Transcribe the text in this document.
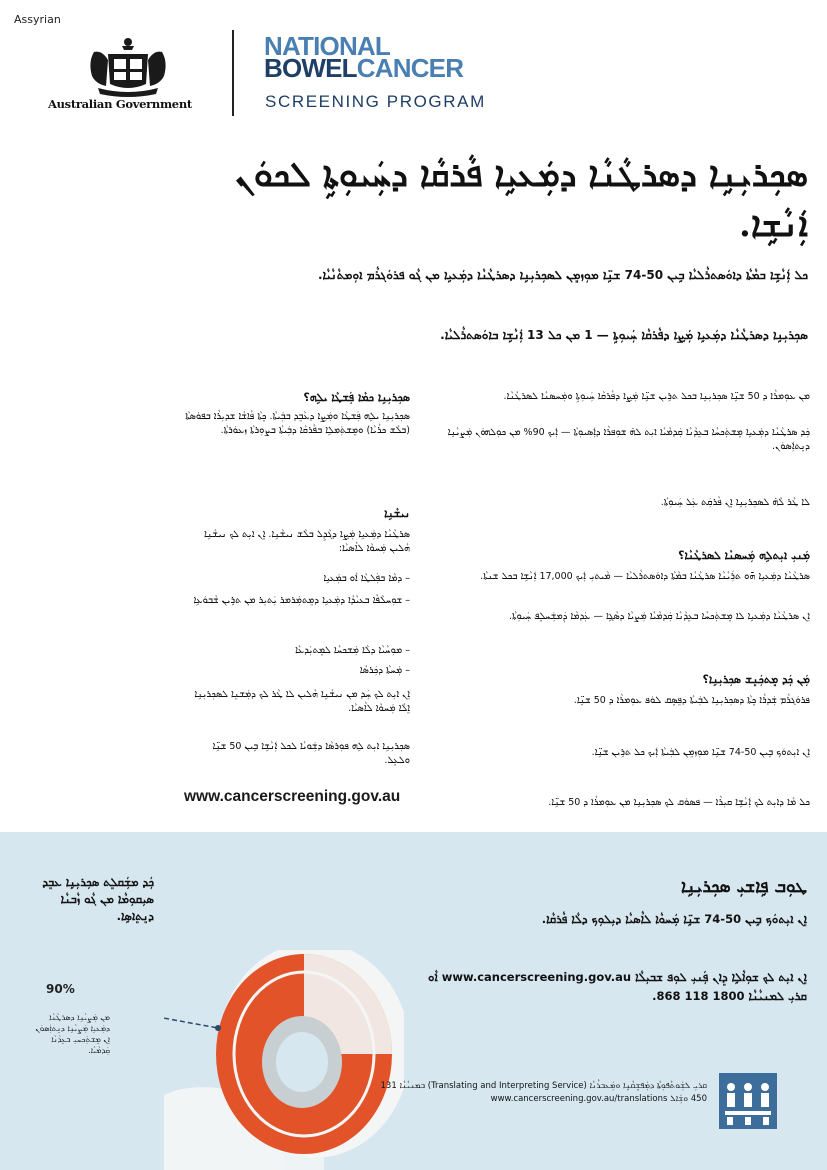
Assyrian
Australian Government
NATIONAL
BOWELCANCER
SCREENING PROGRAM
ܣܟܼܪܝܼܢܹܐ ܕܣܪܛܵܢܵܐ ܕܡܲܥܝܹܐ ܦܵܪܩܵܐ ܕܚܲܝܘܼܬܹܐ ܠܟܘܿܢ ܐܲܢܵܫܹܐ.
ܟܠ ܐܲܢܵܫܹܐ ܒܡܵܬܵܐ ܕܐܘܿܣܬܪܵܠܝܵܐ ܒܹܝܢ 50-74 ܫܢܹ̈ܐ ܡܘܼܙܡܸܢ ܠܣܟܼܪܝܼܢܹܐ ܕܣܪܛܵܢܵܐ ܕܡܲܥܝܹܐ ܡܢ ܓܵܘ ܦܪܘܿܓܪܵܡ ܐܘܼܡܬܵܢܵܝܵܐ.
ܣܟܼܪܝܼܢܹܐ ܕܣܪܛܵܢܵܐ ܕܡܲܥܝܹܐ ܡܲܨܹܐ ܕܦܵܪܩܵܐ ܚܲܝܘܼܬܹܐ — 1 ܡܢ ܟܠ 13 ܐܲܢܵܫܹܐ ܒܐܘܿܣܬܪܵܠܝܵܐ.
ܡܢ ܥܘܼܡܪܵܐ ܕ 50 ܫܢܹ̈ܐ ܣܟܼܪܝܼܢܹܐ ܒܟܠ ܬܪܹܝܢ ܫܢܹ̈ܐ ܡܲܨܹܐ ܕܦܵܪܩܵܐ ܚܲܝܘܼܬܹܐ ܘܡܲܚܣܢܵܐ ܠܣܪܛܵܢܵܐ.
ܟܲܕ ܣܪܛܵܢܵܐ ܕܡܲܥܝܹܐ ܡܸܫܬܲܟܚܵܐ ܒܥܸܕܵܢܵܐ ܩܲܕܡܵܝܵܐ ܐܝܼܬ ܠܗ̇ ܫܘܼܦܪܵܐ ܕܐܲܣܝܘܼܬܵܐ — ܐܲܝܟ 90% ܡܢ ܟܘܼܠܗܘܿܢ ܡܲܨܝܵܢܹܐ ܕܢܸܬܐܲܣܘܿܢ.
ܠܐ ܛܵܪ ܠܵܗ̇ ܠܣܟܼܪܝܼܢܹܐ ܐܸܢ ܦܵܪܩܲܬ ܥܲܠ ܚܲܝܘܼܬܵܐ.
ܡܲܢܝܼ ܐܝܼܬܠܹܗ ܡܲܚܣܢܵܐ ܠܣܪܛܵܢܵܐ؟
ܣܪܛܵܢܵܐ ܕܡܲܥܝܹܐ ܗ̄ܘ ܬܪܲܝܵܢܵܐ ܣܪܛܵܢܵܐ ܒܡܵܬܵܐ ܕܐܘܿܣܬܪܵܠܝܵܐ — ܡܵܝܬܝܼ ܐܲܝܟ 17,000 ܐܲܢܵܫܹܐ ܒܟܠ ܫܢܬܵܐ.
ܐܸܢ ܣܪܛܵܢܵܐ ܕܡܲܥܝܹܐ ܠܐ ܡܸܫܬܲܟܚܵܐ ܒܥܸܕܵܢܵܐ ܩܲܕܡܵܝܵܐ ܡܲܨܝܵܐ ܕܣܵܓܹܐ — ܥܲܕܡܵܐ ܕܲܡܫܲܚܠܸܦ ܚܲܝܘܼܬܵܐ.
ܡܲܢ ܟܲܕ ܡܸܬܟܲܢܸܫ ܣܟܼܪܝܼܢܹܐ؟
ܦܪܘܿܓܪܵܡ ܫܲܕܪܵܐ ܟܸܬܵܐ ܕܣܟܼܪܝܼܢܹܐ ܠܒܲܝܬܵܐ ܕܦܸܣܸܩ ܠܘܿܦ ܥܘܼܡܪܵܐ ܕ 50 ܫܢܹ̈ܐ.
ܐܸܢ ܐܝܼܬܘܿܟ ܒܹܝܢ 50-74 ܫܢܹ̈ܐ ܡܘܼܙܡܸܢ ܠܒܲܝܬܵܐ ܐܲܝܟ ܟܠ ܬܪܹܝܢ ܫܢܹ̈ܐ.
ܟܠ ܡܵܐ ܕܐܝܼܬ ܠܟ ܐܲܢܵܫܹܐ ܩܝܼܪܵܐ — ܦܣܘܿܩ ܠܟ ܣܟܼܪܝܼܢܹܐ ܡܢ ܥܘܼܡܪܵܐ ܕ 50 ܫܢܹ̈ܐ.
ܣܟܼܪܝܼܢܹܐ ܟܡܵܐ ܦܲܫܛܵܐ ܝܠܹܗ؟
ܣܟܼܪܝܼܢܹܐ ܝܠܹܗ ܦܲܫܛܵܐ ܘܡܲܨܹܐ ܕܥܵܒܸܕ ܒܒܲܝܬܵܐ. ܟܸܬܵܐ ܦܵܐܫܵܐ ܫܕܝܼܪܵܐ ܒܦܘܿܣܬܵܐ (ܒܠܵܫ ܟܪܵܝܵܐ) ܘܡܸܫܬܲܡܠܹܐ ܒܦܵܪܩܵܐ ܕܒܲܝܬܵܐ ܒܨܘܼܪܬܵܐ ܙܥܘܿܪܬܵܐ.
ܢܝܫܵܢܹܐ
ܣܪܛܵܢܵܐ ܕܡܲܥܝܹܐ ܡܲܨܹܐ ܕܓܵܕܹܠ ܒܠܵܫ ܢܝܫܵܢܹܐ. ܐܸܢ ܐܝܼܬ ܠܟ ܢܝܫܵܢܹܐ ܗܵܠܝܢ ܡܲܚܘܵܐ ܠܐܵܣܝܵܐ:
– ܕܡܵܐ ܒܦܲܠܛܵܐ ܐܵܘ ܒܡܲܥܝܹܐ
– ܫܘܼܚܠܵܦܵܐ ܒܥܝܵܕܵܐ ܕܡܲܥܝܹܐ ܕܡܸܬܡܲܪܡܪ ܝܲܬܝܼܪ ܡܢ ܬܪܹܝܢ ܫܵܒܘܿܥܹܐ
– ܡܘܼܚܵܝܵܐ ܕܠܵܐ ܡܲܫܟܚܵܐ ܠܡܸܬܝܲܕܥܵܐ
– ܡܲܚܬܵܐ ܕܟܲܪܣܵܐ
ܐܸܢ ܐܝܼܬ ܠܟ ܚܲܕ ܡܢ ܢܝܫܵܢܹܐ ܗܵܠܝܢ ܠܐ ܛܵܪ ܠܟ ܕܡܲܫܢܸܐ ܠܣܟܼܪܝܼܢܹܐ ܐܸܠܵܐ ܡܲܚܘܵܐ ܠܐܵܣܝܵܐ.
ܣܟܼܪܝܼܢܹܐ ܐܝܼܬ ܠܹܗ ܦܘܼܪܣܵܐ ܕܫܲܘܝܵܐ ܠܟܠ ܐܲܢܵܫܹܐ ܒܹܝܢ 50 ܫܢܹ̈ܐ ܘܠܥܸܠ.
www.cancerscreening.gov.au
ܟܲܕ ܡܫܲܩܠܸܬ ܣܟܼܪܝܼܢܹܐ ܥܒܸܕ ܣܝܼܩܘܼܡܵܐ ܡܢ ܓܵܘ ܙܵܒܢܵܐ ܕܢܸܬܸܐܣܹܐ.
90%
ܡܢ ܡܲܨܝܵܢܹܐ ܕܣܪܛܵܢܵܐ ܕܡܲܥܝܹܐ ܡܲܨܝܵܢܹܐ ܕܢܸܬܐܲܣܘܿܢ ܐܸܢ ܡܸܫܬܲܟܚܝܼ ܒܥܸܕܵܢܵܐ ܩܲܕܡܵܝܵܐ.
ܛܘܼܒ ܦܹܐܫܝܼ ܣܟܼܪܝܼܢܹܐ
ܐܸܢ ܐܝܼܬܘܿܟ ܒܹܝܢ 50-74 ܫܢܹ̈ܐ ܡܲܚܘܵܐ ܠܐܵܣܝܵܐ ܕܝܼܠܘܼܟ ܕܠܵܐ ܦܵܪܩܵܐ.
ܐܸܢ ܐܝܼܬ ܠܟ ܫܘܼܐܵܠܹܐ ܕܸܐܢ ܦܲܢܝܼ ܠܘܼܦ ܫܒܝܼܠܵܐ www.cancerscreening.gov.au ܐܵܘ ܩܪܝܼ ܠܡܢܝܵܢܵܐ 1800 118 868.
ܩܪܝܼ ܠܫܲܘܬܵܦܘܼܬܵܐ ܕܡܲܦܫܸܩܵܢܹܐ ܘܡܲܥܒܪܵܢܵܐ (Translating and Interpreting Service) ܒܡܢܝܵܢܵܐ 131 450 ܘܫܲܐܠ www.cancerscreening.gov.au/translations
